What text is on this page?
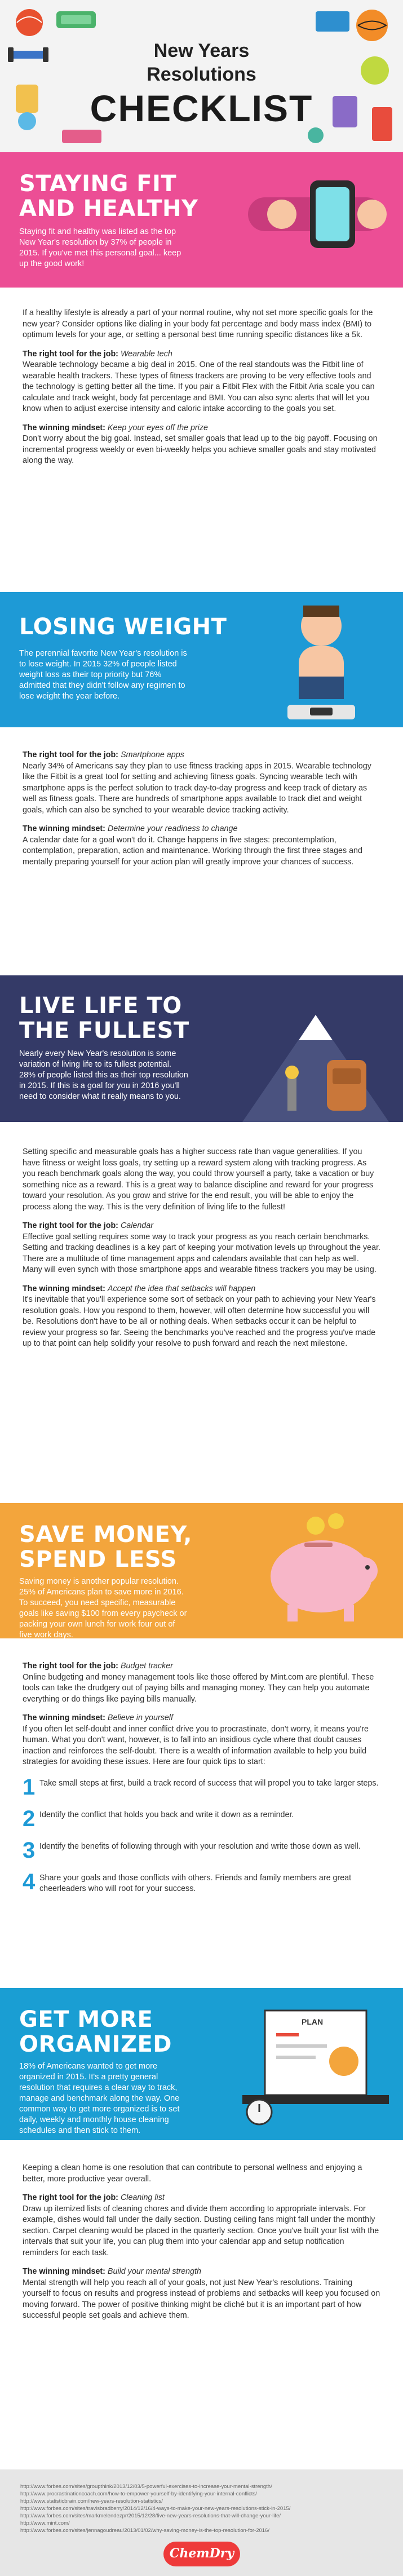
New Years
Resolutions
CHECKLIST
STAYING FIT
AND HEALTHY

Staying fit and healthy was listed as the top New Year's resolution by 37% of people in 2015. If you've met this personal goal... keep up the good work!

If a healthy lifestyle is already a part of your normal routine, why not set more specific goals for the new year? Consider options like dialing in your body fat percentage and body mass index (BMI) to optimum levels for your age, or setting a personal best time running specific distances like a 5k.

The right tool for the job: Wearable tech
Wearable technology became a big deal in 2015. One of the real standouts was the Fitbit line of wearable health trackers. These types of fitness trackers are proving to be very effective tools and the technology is getting better all the time. If you pair a Fitbit Flex with the Fitbit Aria scale you can calculate and track weight, body fat percentage and BMI. You can also sync alerts that will let you know when to adjust exercise intensity and caloric intake according to the goals you set.

The winning mindset: Keep your eyes off the prize
Don't worry about the big goal. Instead, set smaller goals that lead up to the big payoff. Focusing on incremental progress weekly or even bi-weekly helps you achieve smaller goals and stay motivated along the way.

LOSING WEIGHT

The perennial favorite New Year's resolution is to lose weight. In 2015 32% of people listed weight loss as their top priority but 76% admitted that they didn't follow any regimen to lose weight the year before.

The right tool for the job: Smartphone apps
Nearly 34% of Americans say they plan to use fitness tracking apps in 2015. Wearable technology like the Fitbit is a great tool for setting and achieving fitness goals. Syncing wearable tech with smartphone apps is the perfect solution to track day-to-day progress and keep track of dietary as well as fitness goals. There are hundreds of smartphone apps available to track diet and weight goals, which can also be synched to your wearable device tracking activity.

The winning mindset: Determine your readiness to change
A calendar date for a goal won't do it. Change happens in five stages: precontemplation, contemplation, preparation, action and maintenance. Working through the first three stages and mentally preparing yourself for your action plan will greatly improve your chances of success.

LIVE LIFE TO
THE FULLEST

Nearly every New Year's resolution is some variation of living life to its fullest potential. 28% of people listed this as their top resolution in 2015. If this is a goal for you in 2016 you'll need to consider what it really means to you.

Setting specific and measurable goals has a higher success rate than vague generalities. If you have fitness or weight loss goals, try setting up a reward system along with tracking progress. As you reach benchmark goals along the way, you could throw yourself a party, take a vacation or buy something nice as a reward. This is a great way to balance discipline and reward for your progress toward your resolution. As you grow and strive for the end result, you will be able to enjoy the process along the way. This is the very definition of living life to the fullest!

The right tool for the job: Calendar
Effective goal setting requires some way to track your progress as you reach certain benchmarks. Setting and tracking deadlines is a key part of keeping your motivation levels up throughout the year. There are a multitude of time management apps and calendars available that can help as well. Many will even synch with those smartphone apps and wearable fitness trackers you may be using.

The winning mindset: Accept the idea that setbacks will happen
It's inevitable that you'll experience some sort of setback on your path to achieving your New Year's resolution goals. How you respond to them, however, will often determine how successful you will be. Resolutions don't have to be all or nothing deals. When setbacks occur it can be helpful to review your progress so far. Seeing the benchmarks you've reached and the progress you've made up to that point can help solidify your resolve to push forward and reach the next milestone.

SAVE MONEY,
SPEND LESS

Saving money is another popular resolution. 25% of Americans plan to save more in 2016. To succeed, you need specific, measurable goals like saving $100 from every paycheck or packing your own lunch for work four out of five work days.

The right tool for the job: Budget tracker
Online budgeting and money management tools like those offered by Mint.com are plentiful. These tools can take the drudgery out of paying bills and managing money. They can help you automate everything or do things like paying bills manually.

The winning mindset: Believe in yourself
If you often let self-doubt and inner conflict drive you to procrastinate, don't worry, it means you're human. What you don't want, however, is to fall into an insidious cycle where that doubt causes inaction and reinforces the self-doubt. There is a wealth of information available to help you build strategies for avoiding these issues. Here are four quick tips to start:

1 Take small steps at first, build a track record of success that will propel you to take larger steps.
2 Identify the conflict that holds you back and write it down as a reminder.
3 Identify the benefits of following through with your resolution and write those down as well.
4 Share your goals and those conflicts with others. Friends and family members are great cheerleaders who will root for your success.
PLAN
GET MORE
ORGANIZED

18% of Americans wanted to get more organized in 2015. It's a pretty general resolution that requires a clear way to track, manage and benchmark along the way. One common way to get more organized is to set daily, weekly and monthly house cleaning schedules and then stick to them.

Keeping a clean home is one resolution that can contribute to personal wellness and enjoying a better, more productive year overall.

The right tool for the job: Cleaning list
Draw up itemized lists of cleaning chores and divide them according to appropriate intervals. For example, dishes would fall under the daily section. Dusting ceiling fans might fall under the monthly section. Carpet cleaning would be placed in the quarterly section. Once you've built your list with the intervals that suit your life, you can plug them into your calendar app and setup notification reminders for each task.

The winning mindset: Build your mental strength
Mental strength will help you reach all of your goals, not just New Year's resolutions. Training yourself to focus on results and progress instead of problems and setbacks will keep you focused on moving forward. The power of positive thinking might be cliché but it is an important part of how successful people set goals and achieve them.

http://www.forbes.com/sites/groupthink/2013/12/03/5-powerful-exercises-to-increase-your-mental-strength/
http://www.procrastinationcoach.com/how-to-empower-yourself-by-identifying-your-internal-conflicts/
http://www.statisticbrain.com/new-years-resolution-statistics/
http://www.forbes.com/sites/travisbradberry/2014/12/16/4-ways-to-make-your-new-years-resolutions-stick-in-2015/
http://www.forbes.com/sites/markmelendezpr/2015/12/28/five-new-years-resolutions-that-will-change-your-life/
http://www.mint.com/
http://www.forbes.com/sites/jennagoudreau/2013/01/02/why-saving-money-is-the-top-resolution-for-2016/
ChemDry
